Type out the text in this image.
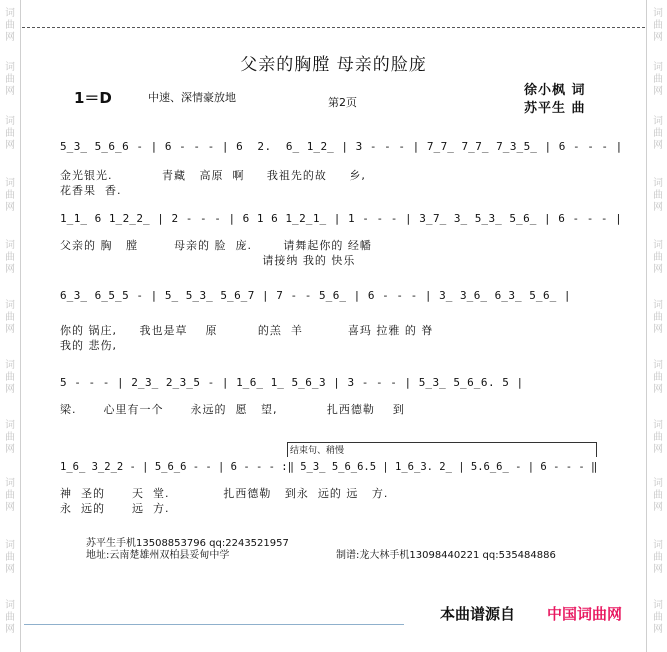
词曲网
词曲网
词曲网
词曲网
词曲网
词曲网
词曲网
词曲网
词曲网
词曲网
词曲网
词曲网
词曲网
词曲网
词曲网
词曲网
词曲网
词曲网
词曲网
词曲网
词曲网
词曲网
父亲的胸膛 母亲的脸庞
1＝D	中速、深情豪放地	第2页
徐小枫 词
苏平生 曲
5̲3̲ 5̲6̲6 - | 6 - - - | 6  2.  6̲ 1̲2̲ | 3 - - - | 7̲7̲ 7̲7̲ 7̲3̲5̲ | 6 - - - |
金光银光.           青藏   高原  啊     我祖先的故     乡,
花香果  香.
1̲̇1̲ 6 1̲2̲2̲ | 2 - - - | 6 1 6 1̲2̲1̲ | 1 - - - | 3̲7̲ 3̲ 5̲3̲ 5̲6̲ | 6 - - - |
父亲的 胸   膛        母亲的 脸  庞.       请舞起你的 经幡
请接纳 我的 快乐
6̲3̲ 6̲5̲5 - | 5̲ 5̲3̲ 5̲6̲7 | 7 - - 5̲6̲ | 6 - - - | 3̲ 3̲6̲ 6̲3̲ 5̲6̲ |
你的 锅庄,     我也是草    原         的羔  羊          喜玛 拉雅 的 脊
我的 悲伤,
5 - - - | 2̲3̲ 2̲3̲5 - | 1̲6̲ 1̲ 5̲6̲3 | 3 - - - | 5̲3̲ 5̲6̲6. 5 |
梁.      心里有一个      永远的  愿   望,           扎西德勒    到
结束句、稍慢
1̲6̲ 3̲2̲2 - | 5̲6̲6 - - | 6 - - - :‖ 5̲3̲ 5̲6̲6.5 | 1̲6̲3. 2̲ | 5.6̲6̲ - | 6 - - - ‖
神  圣的      天  堂.            扎西德勒   到永  远的 远   方.
永  远的      远  方.
苏平生手机13508853796 qq:2243521957
地址:云南楚雄州双柏县妥甸中学	制谱:龙大林手机13098440221 qq:535484886
本曲谱源自 中国词曲网
